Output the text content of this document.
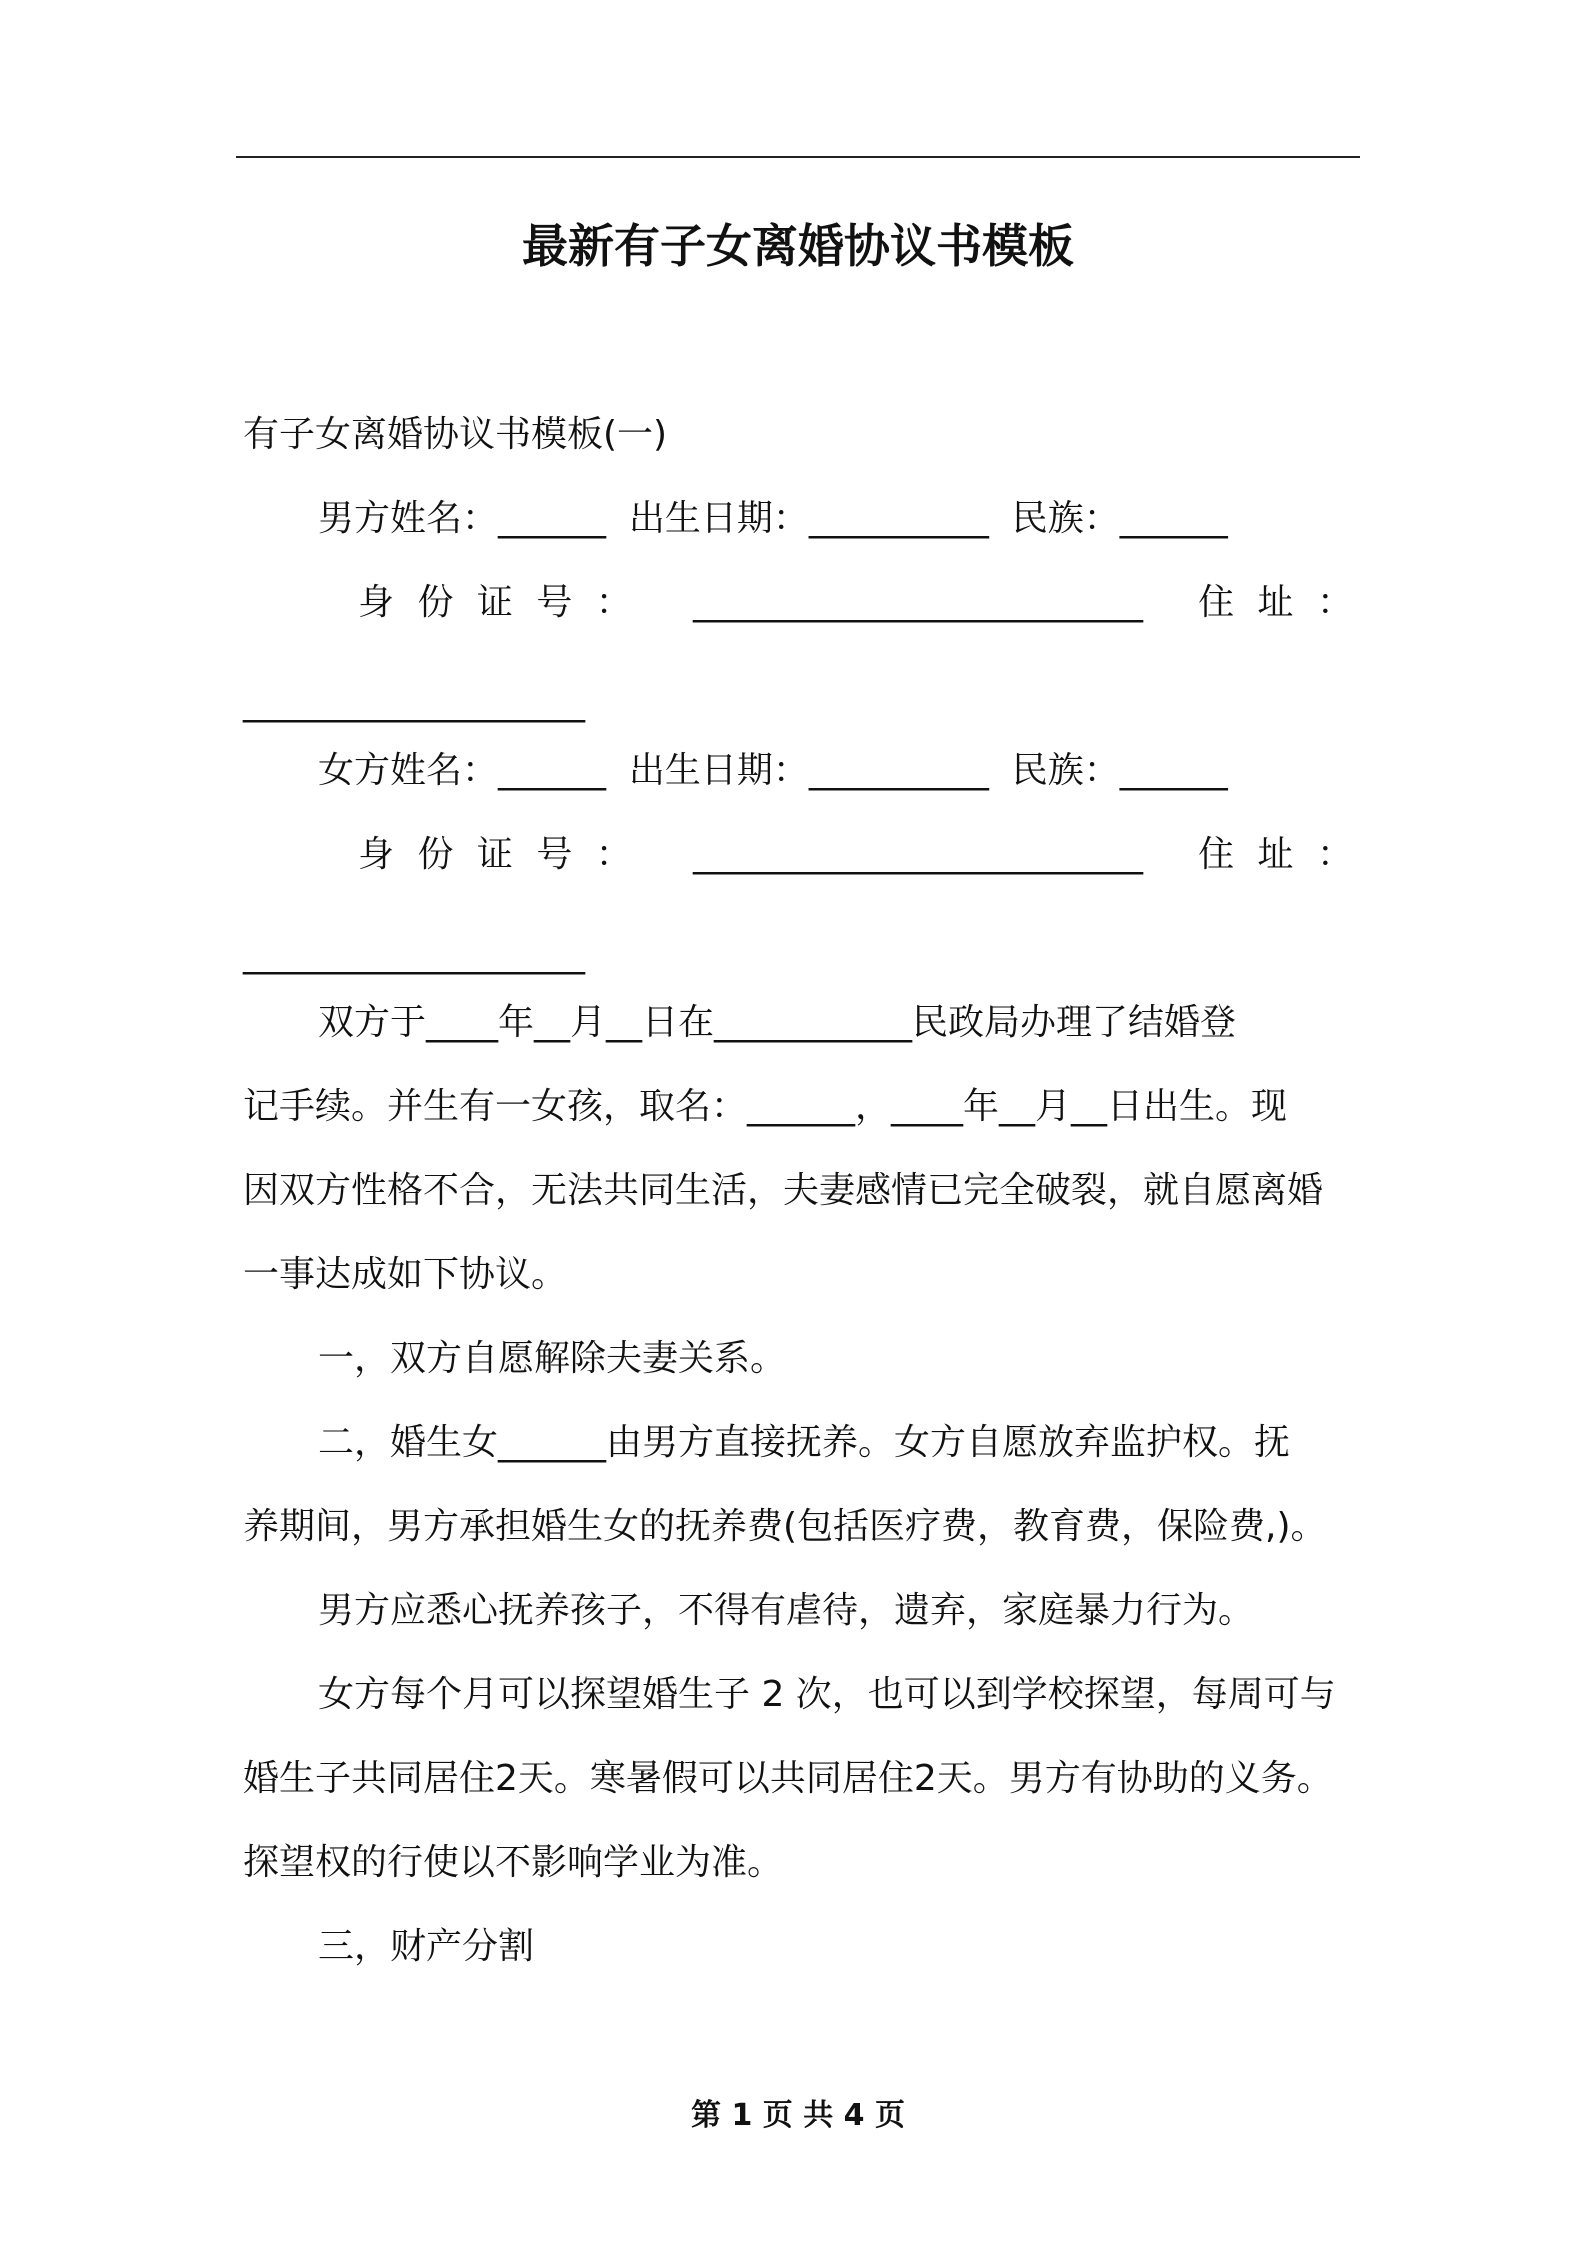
最新有子女离婚协议书模板

有子女离婚协议书模板(一)

男方姓名：______  出生日期：__________  民族：______

身 份 证 号 ： _________________________ 住 址 ：

___________________

女方姓名：______  出生日期：__________  民族：______

身 份 证 号 ： _________________________ 住 址 ：

___________________

双方于____年__月__日在___________民政局办理了结婚登

记手续。并生有一女孩，取名：______，____年__月__日出生。现

因双方性格不合，无法共同生活，夫妻感情已完全破裂，就自愿离婚

一事达成如下协议。

一，双方自愿解除夫妻关系。

二，婚生女______由男方直接抚养。女方自愿放弃监护权。抚

养期间，男方承担婚生女的抚养费(包括医疗费，教育费，保险费,)。

男方应悉心抚养孩子，不得有虐待，遗弃，家庭暴力行为。

女方每个月可以探望婚生子 2 次，也可以到学校探望，每周可与

婚生子共同居住2天。寒暑假可以共同居住2天。男方有协助的义务。

探望权的行使以不影响学业为准。

三，财产分割

第 1 页 共 4 页
